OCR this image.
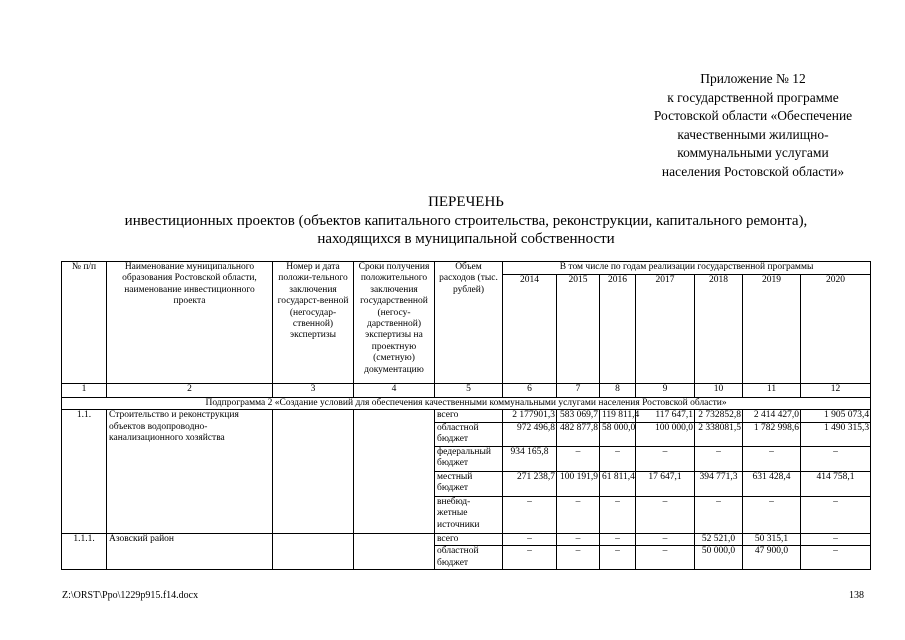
Приложение № 12
к государственной программе
Ростовской области «Обеспечение
качественными жилищно-
коммунальными услугами
населения Ростовской области»
ПЕРЕЧЕНЬ
инвестиционных проектов (объектов капитального строительства, реконструкции, капитального ремонта),
находящихся в муниципальной собственности
№ п/п	Наименование муниципального образования Ростовской области, наименование инвестиционного проекта	Номер и дата положи-тельного заключения государст-венной (негосудар-ственной) экспертизы	Сроки получения положительного заключения государственной (негосу-дарственной) экспертизы на проектную (сметную) документацию	Объем расходов (тыс. рублей)	В том числе по годам реализации государственной программы						
					2014	2015	2016	2017	2018	2019	2020
1	2	3	4	5	6	7	8	9	10	11	12
Подпрограмма 2 «Создание условий для обеспечения качественными коммунальными услугами населения Ростовской области»											
1.1.	Строительство и реконструкция объектов водопроводно-канализационного хозяйства			всего	2 177901,3	583 069,7	119 811,4	117 647,1	2 732852,8	2 414 427,0	1 905 073,4
				областной бюджет	972 496,8	482 877,8	58 000,0	100 000,0	2 338081,5	1 782 998,6	1 490 315,3
				федеральный бюджет	934 165,8	–	–	–	–	–	–
				местный бюджет	271 238,7	100 191,9	61 811,4	17 647,1	394 771,3	631 428,4	414 758,1
				внебюд-жетные источники	–	–	–	–	–	–	–
1.1.1.	Азовский район			всего	–	–	–	–	52 521,0	50 315,1	–
				областной бюджет	–	–	–	–	50 000,0	47 900,0	–
Z:\ORST\Ppo\1229p915.f14.docx	138
